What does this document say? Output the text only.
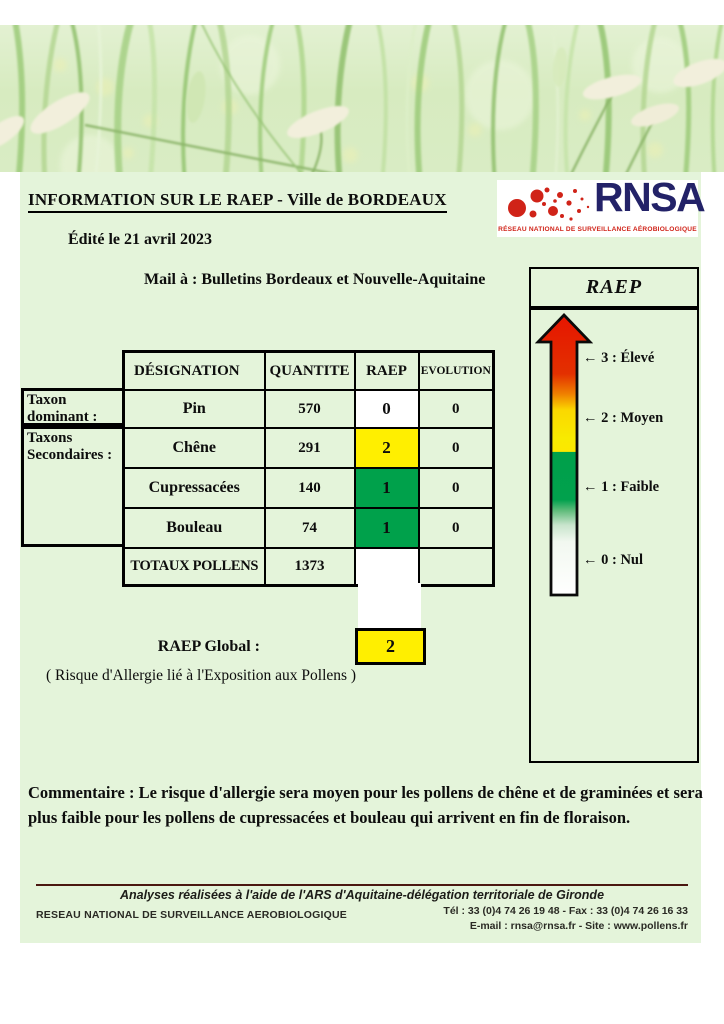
INFORMATION SUR LE RAEP - Ville de BORDEAUX
Édité le 21 avril 2023
Mail à : Bulletins Bordeaux et Nouvelle-Aquitaine
RNSA
RÉSEAU NATIONAL DE SURVEILLANCE AÉROBIOLOGIQUE
RAEP
← 3 : Élevé
← 2 : Moyen
← 1 : Faible
← 0 : Nul
Taxon dominant :
Taxons Secondaires :
DÉSIGNATION	QUANTITE	RAEP	EVOLUTION
Pin	570	0	0
Chêne	291	2	0
Cupressacées	140	1	0
Bouleau	74	1	0
TOTAUX POLLENS	1373		
RAEP Global :	2
( Risque d'Allergie lié à l'Exposition aux Pollens )
Commentaire : Le risque d'allergie sera moyen pour les pollens de chêne et de graminées et sera plus faible pour les pollens de cupressacées et bouleau qui arrivent en fin de floraison.
Analyses réalisées à l'aide de l'ARS d'Aquitaine-délégation territoriale de Gironde
RESEAU NATIONAL DE SURVEILLANCE AEROBIOLOGIQUE	Tél : 33 (0)4 74 26 19 48 - Fax : 33 (0)4 74 26 16 33
E-mail : rnsa@rnsa.fr - Site : www.pollens.fr
